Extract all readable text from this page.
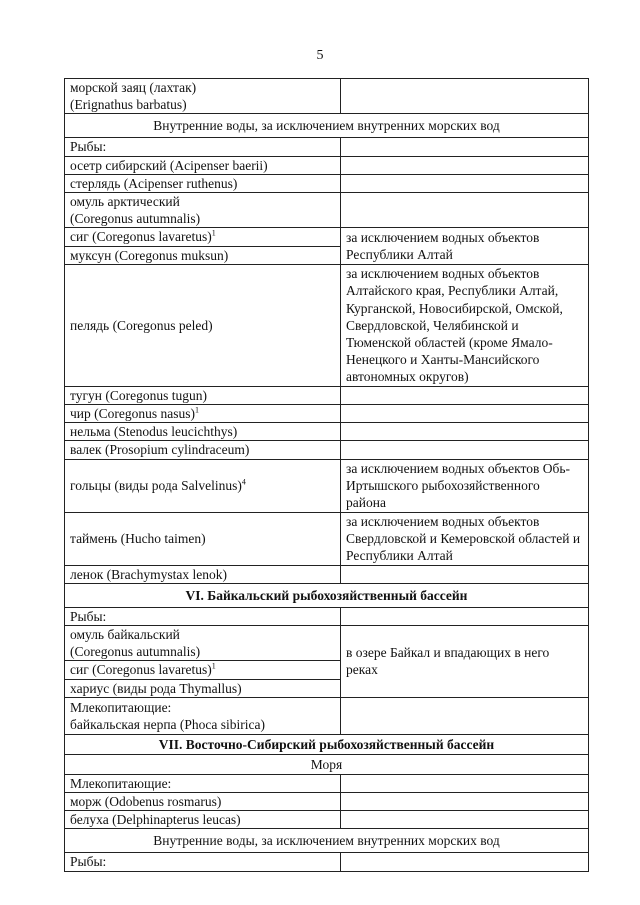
5
морской заяц (лахтак)
(Erignathus barbatus)	
Внутренние воды, за исключением внутренних морских вод	
Рыбы:	
осетр сибирский (Acipenser baerii)	
стерлядь (Acipenser ruthenus)	
омуль арктический
(Coregonus autumnalis)	
сиг (Coregonus lavaretus)$^1$	за исключением водных объектов Республики Алтай
муксун (Coregonus muksun)	
пелядь (Coregonus peled)	за исключением водных объектов Алтайского края, Республики Алтай, Курганской, Новосибирской, Омской, Свердловской, Челябинской и Тюменской областей (кроме Ямало-Ненецкого и Ханты-Мансийского автономных округов)
тугун (Coregonus tugun)	
чир (Coregonus nasus)$^1$	
нельма (Stenodus leucichthys)	
валек (Prosopium cylindraceum)	
гольцы (виды рода Salvelinus)$^4$	за исключением водных объектов Обь-Иртышского рыбохозяйственного района
таймень (Hucho taimen)	за исключением водных объектов Свердловской и Кемеровской областей и Республики Алтай
ленок (Brachymystax lenok)	
VI. Байкальский рыбохозяйственный бассейн	
Рыбы:	
омуль байкальский
(Coregonus autumnalis)	в озере Байкал и впадающих в него реках
сиг (Coregonus lavaretus)$^1$
хариус (виды рода Thymallus)	
Млекопитающие:
байкальская нерпа (Phoca sibirica)	
VII. Восточно-Сибирский рыбохозяйственный бассейн	
Моря	
Млекопитающие:	
морж (Odobenus rosmarus)	
белуха (Delphinapterus leucas)	
Внутренние воды, за исключением внутренних морских вод	
Рыбы:	
